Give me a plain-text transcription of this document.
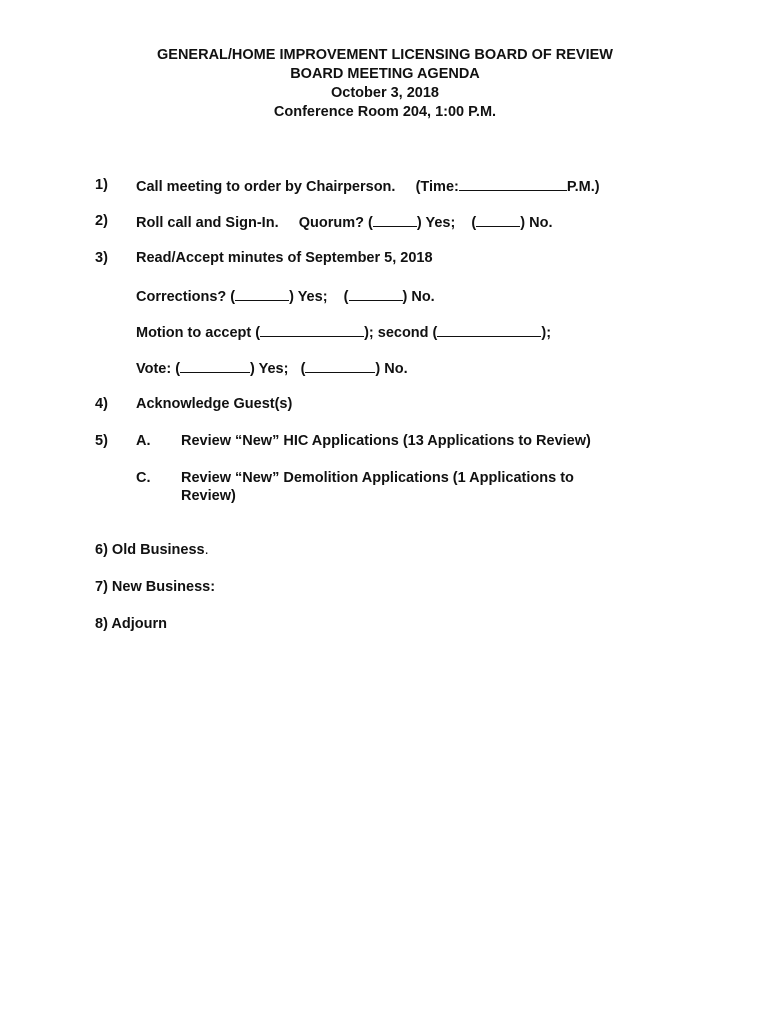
GENERAL/HOME IMPROVEMENT LICENSING BOARD OF REVIEW
BOARD MEETING AGENDA
October 3, 2018
Conference Room 204, 1:00 P.M.
1) Call meeting to order by Chairperson. (Time:	P.M.)
2) Roll call and Sign-In. Quorum? (	) Yes; (	) No.
3) Read/Accept minutes of September 5, 2018
Corrections? (	) Yes; (	) No.
Motion to accept (	); second (	);
Vote: (	) Yes; (	) No.
4) Acknowledge Guest(s)
5) A. Review “New” HIC Applications (13 Applications to Review)
C. Review “New” Demolition Applications (1 Applications to
Review)
6) Old Business.
7) New Business:
8) Adjourn
